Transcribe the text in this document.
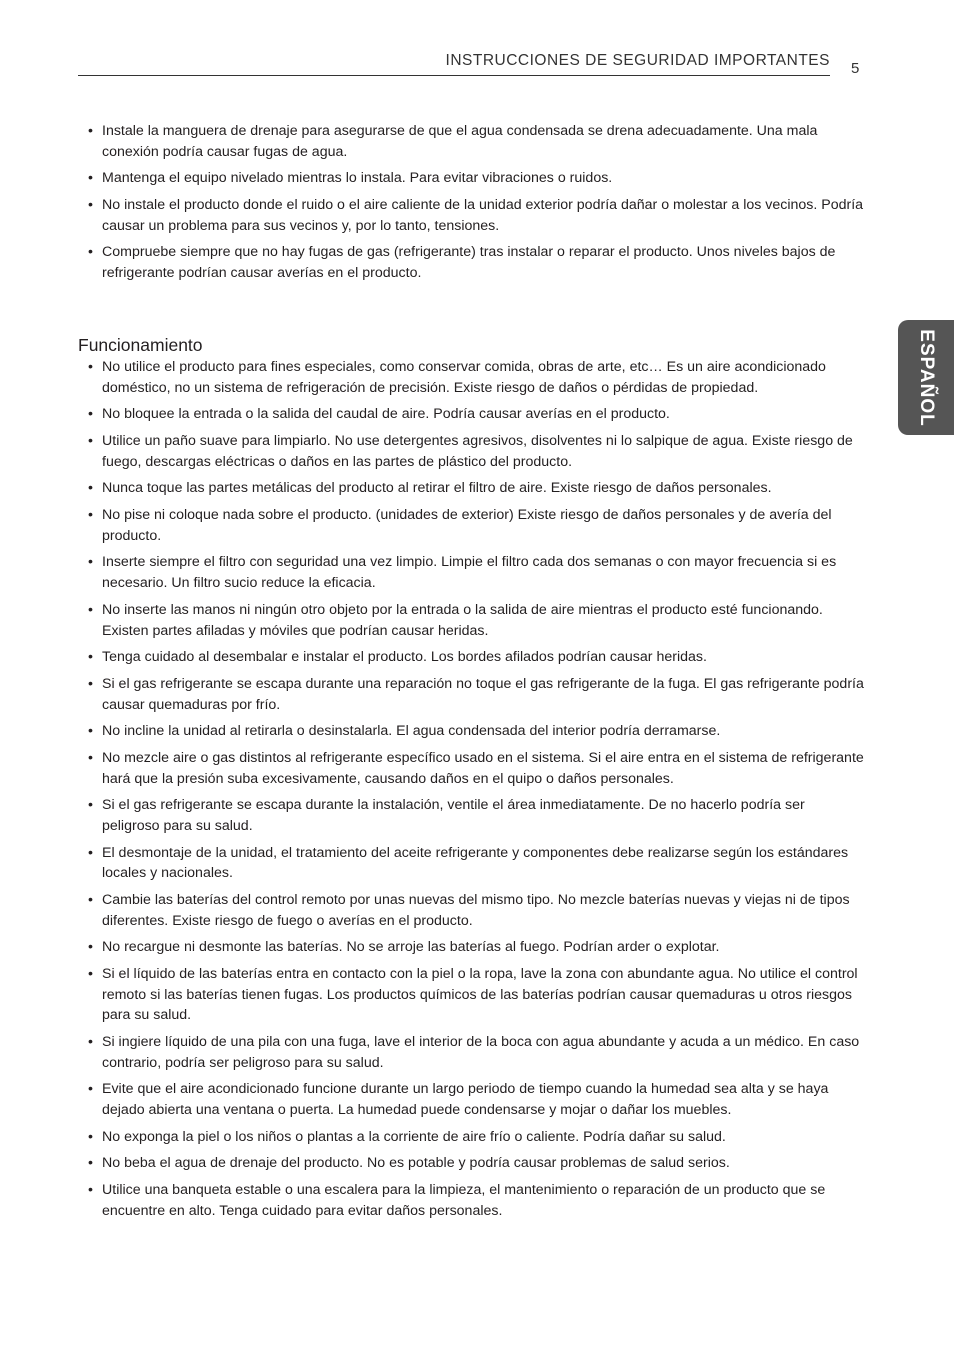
INSTRUCCIONES DE SEGURIDAD IMPORTANTES 5
ESPAÑOL
• Instale la manguera de drenaje para asegurarse de que el agua condensada se drena adecuadamente. Una mala conexión podría causar fugas de agua.
• Mantenga el equipo nivelado mientras lo instala. Para evitar vibraciones o ruidos.
• No instale el producto donde el ruido o el aire caliente de la unidad exterior podría dañar o molestar a los vecinos. Podría causar un problema para sus vecinos y, por lo tanto, tensiones.
• Compruebe siempre que no hay fugas de gas (refrigerante) tras instalar o reparar el producto. Unos niveles bajos de refrigerante podrían causar averías en el producto.
Funcionamiento
• No utilice el producto para fines especiales, como conservar comida, obras de arte, etc… Es un aire acondicionado doméstico, no un sistema de refrigeración de precisión. Existe riesgo de daños o pérdidas de propiedad.
• No bloquee la entrada o la salida del caudal de aire. Podría causar averías en el producto.
• Utilice un paño suave para limpiarlo. No use detergentes agresivos, disolventes ni lo salpique de agua. Existe riesgo de fuego, descargas eléctricas o daños en las partes de plástico del producto.
• Nunca toque las partes metálicas del producto al retirar el filtro de aire. Existe riesgo de daños personales.
• No pise ni coloque nada sobre el producto. (unidades de exterior) Existe riesgo de daños personales y de avería del producto.
• Inserte siempre el filtro con seguridad una vez limpio. Limpie el filtro cada dos semanas o con mayor frecuencia si es necesario. Un filtro sucio reduce la eficacia.
• No inserte las manos ni ningún otro objeto por la entrada o la salida de aire mientras el producto esté funcionando. Existen partes afiladas y móviles que podrían causar heridas.
• Tenga cuidado al desembalar e instalar el producto. Los bordes afilados podrían causar heridas.
• Si el gas refrigerante se escapa durante una reparación no toque el gas refrigerante de la fuga. El gas refrigerante podría causar quemaduras por frío.
• No incline la unidad al retirarla o desinstalarla. El agua condensada del interior podría derramarse.
• No mezcle aire o gas distintos al refrigerante específico usado en el sistema. Si el aire entra en el sistema de refrigerante hará que la presión suba excesivamente, causando daños en el quipo o daños personales.
• Si el gas refrigerante se escapa durante la instalación, ventile el área inmediatamente. De no hacerlo podría ser peligroso para su salud.
• El desmontaje de la unidad, el tratamiento del aceite refrigerante y componentes debe realizarse según los estándares locales y nacionales.
• Cambie las baterías del control remoto por unas nuevas del mismo tipo. No mezcle baterías nuevas y viejas ni de tipos diferentes. Existe riesgo de fuego o averías en el producto.
• No recargue ni desmonte las baterías. No se arroje las baterías al fuego. Podrían arder o explotar.
• Si el líquido de las baterías entra en contacto con la piel o la ropa, lave la zona con abundante agua. No utilice el control remoto si las baterías tienen fugas. Los productos químicos de las baterías podrían causar quemaduras u otros riesgos para su salud.
• Si ingiere líquido de una pila con una fuga, lave el interior de la boca con agua abundante y acuda a un médico. En caso contrario, podría ser peligroso para su salud.
• Evite que el aire acondicionado funcione durante un largo periodo de tiempo cuando la humedad sea alta y se haya dejado abierta una ventana o puerta. La humedad puede condensarse y mojar o dañar los muebles.
• No exponga la piel o los niños o plantas a la corriente de aire frío o caliente. Podría dañar su salud.
• No beba el agua de drenaje del producto. No es potable y podría causar problemas de salud serios.
• Utilice una banqueta estable o una escalera para la limpieza, el mantenimiento o reparación de un producto que se encuentre en alto. Tenga cuidado para evitar daños personales.
